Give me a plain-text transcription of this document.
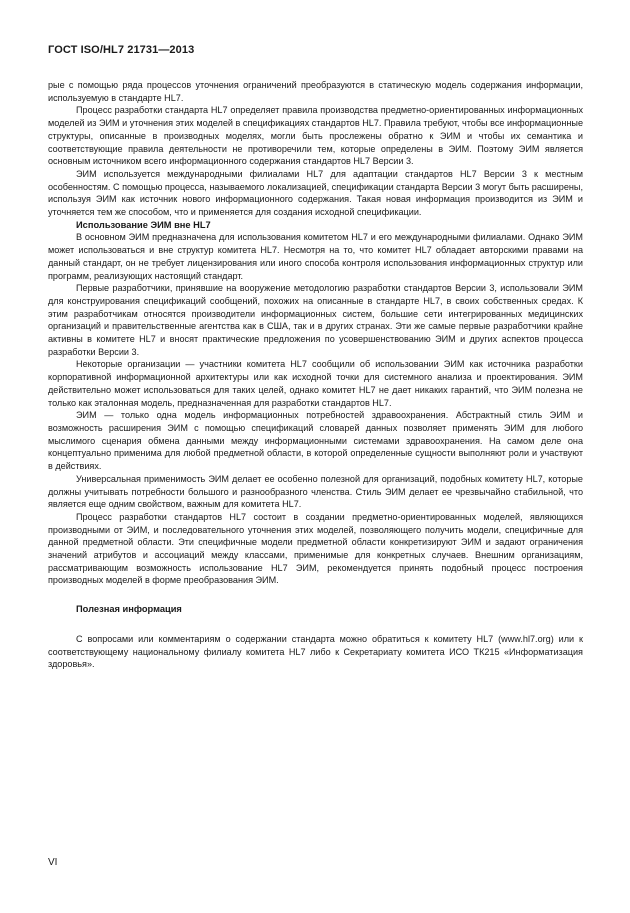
ГОСТ ISO/HL7 21731—2013

рые с помощью ряда процессов уточнения ограничений преобразуются в статическую модель содержания информации, используемую в стандарте HL7.

Процесс разработки стандарта HL7 определяет правила производства предметно-ориентированных информационных моделей из ЭИМ и уточнения этих моделей в спецификациях стандартов HL7. Правила требуют, чтобы все информационные структуры, описанные в производных моделях, могли быть прослежены обратно к ЭИМ и чтобы их семантика и соответствующие правила деятельности не противоречили тем, которые определены в ЭИМ. Поэтому ЭИМ является основным источником всего информационного содержания стандартов HL7 Версии 3.

ЭИМ используется международными филиалами HL7 для адаптации стандартов HL7 Версии 3 к местным особенностям. С помощью процесса, называемого локализацией, спецификации стандарта Версии 3 могут быть расширены, используя ЭИМ как источник нового информационного содержания. Такая новая информация производится из ЭИМ и уточняется тем же способом, что и применяется для создания исходной спецификации.

Использование ЭИМ вне HL7

В основном ЭИМ предназначена для использования комитетом HL7 и его международными филиалами. Однако ЭИМ может использоваться и вне структур комитета HL7. Несмотря на то, что комитет HL7 обладает авторскими правами на данный стандарт, он не требует лицензирования или иного способа контроля использования информационных структур или программ, реализующих настоящий стандарт.

Первые разработчики, принявшие на вооружение методологию разработки стандартов Версии 3, использовали ЭИМ для конструирования спецификаций сообщений, похожих на описанные в стандарте HL7, в своих собственных средах. К этим разработчикам относятся производители информационных систем, большие сети интегрированных медицинских организаций и правительственные агентства как в США, так и в других странах. Эти же самые первые разработчики крайне активны в комитете HL7 и вносят практические предложения по усовершенствованию ЭИМ и других аспектов процесса разработки Версии 3.

Некоторые организации — участники комитета HL7 сообщили об использовании ЭИМ как источника разработки корпоративной информационной архитектуры или как исходной точки для системного анализа и проектирования. ЭИМ действительно может использоваться для таких целей, однако комитет HL7 не дает никаких гарантий, что ЭИМ полезна не только как эталонная модель, предназначенная для разработки стандартов HL7.

ЭИМ — только одна модель информационных потребностей здравоохранения. Абстрактный стиль ЭИМ и возможность расширения ЭИМ с помощью спецификаций словарей данных позволяет применять ЭИМ для любого мыслимого сценария обмена данными между информационными системами здравоохранения. На самом деле она концептуально применима для любой предметной области, в которой определенные сущности выполняют роли и участвуют в действиях.

Универсальная применимость ЭИМ делает ее особенно полезной для организаций, подобных комитету HL7, которые должны учитывать потребности большого и разнообразного членства. Стиль ЭИМ делает ее чрезвычайно стабильной, что является еще одним свойством, важным для комитета HL7.

Процесс разработки стандартов HL7 состоит в создании предметно-ориентированных моделей, являющихся производными от ЭИМ, и последовательного уточнения этих моделей, позволяющего получить модели, специфичные для данной предметной области. Эти специфичные модели предметной области конкретизируют ЭИМ и задают ограничения значений атрибутов и ассоциаций между классами, применимые для конкретных случаев. Внешним организациям, рассматривающим возможность использование HL7 ЭИМ, рекомендуется принять подобный процесс построения производных моделей в форме преобразования ЭИМ.

Полезная информация

С вопросами или комментариям о содержании стандарта можно обратиться к комитету HL7 (www.hl7.org) или к соответствующему национальному филиалу комитета HL7 либо к Секретариату комитета ИСО ТК215 «Информатизация здоровья».

VI
